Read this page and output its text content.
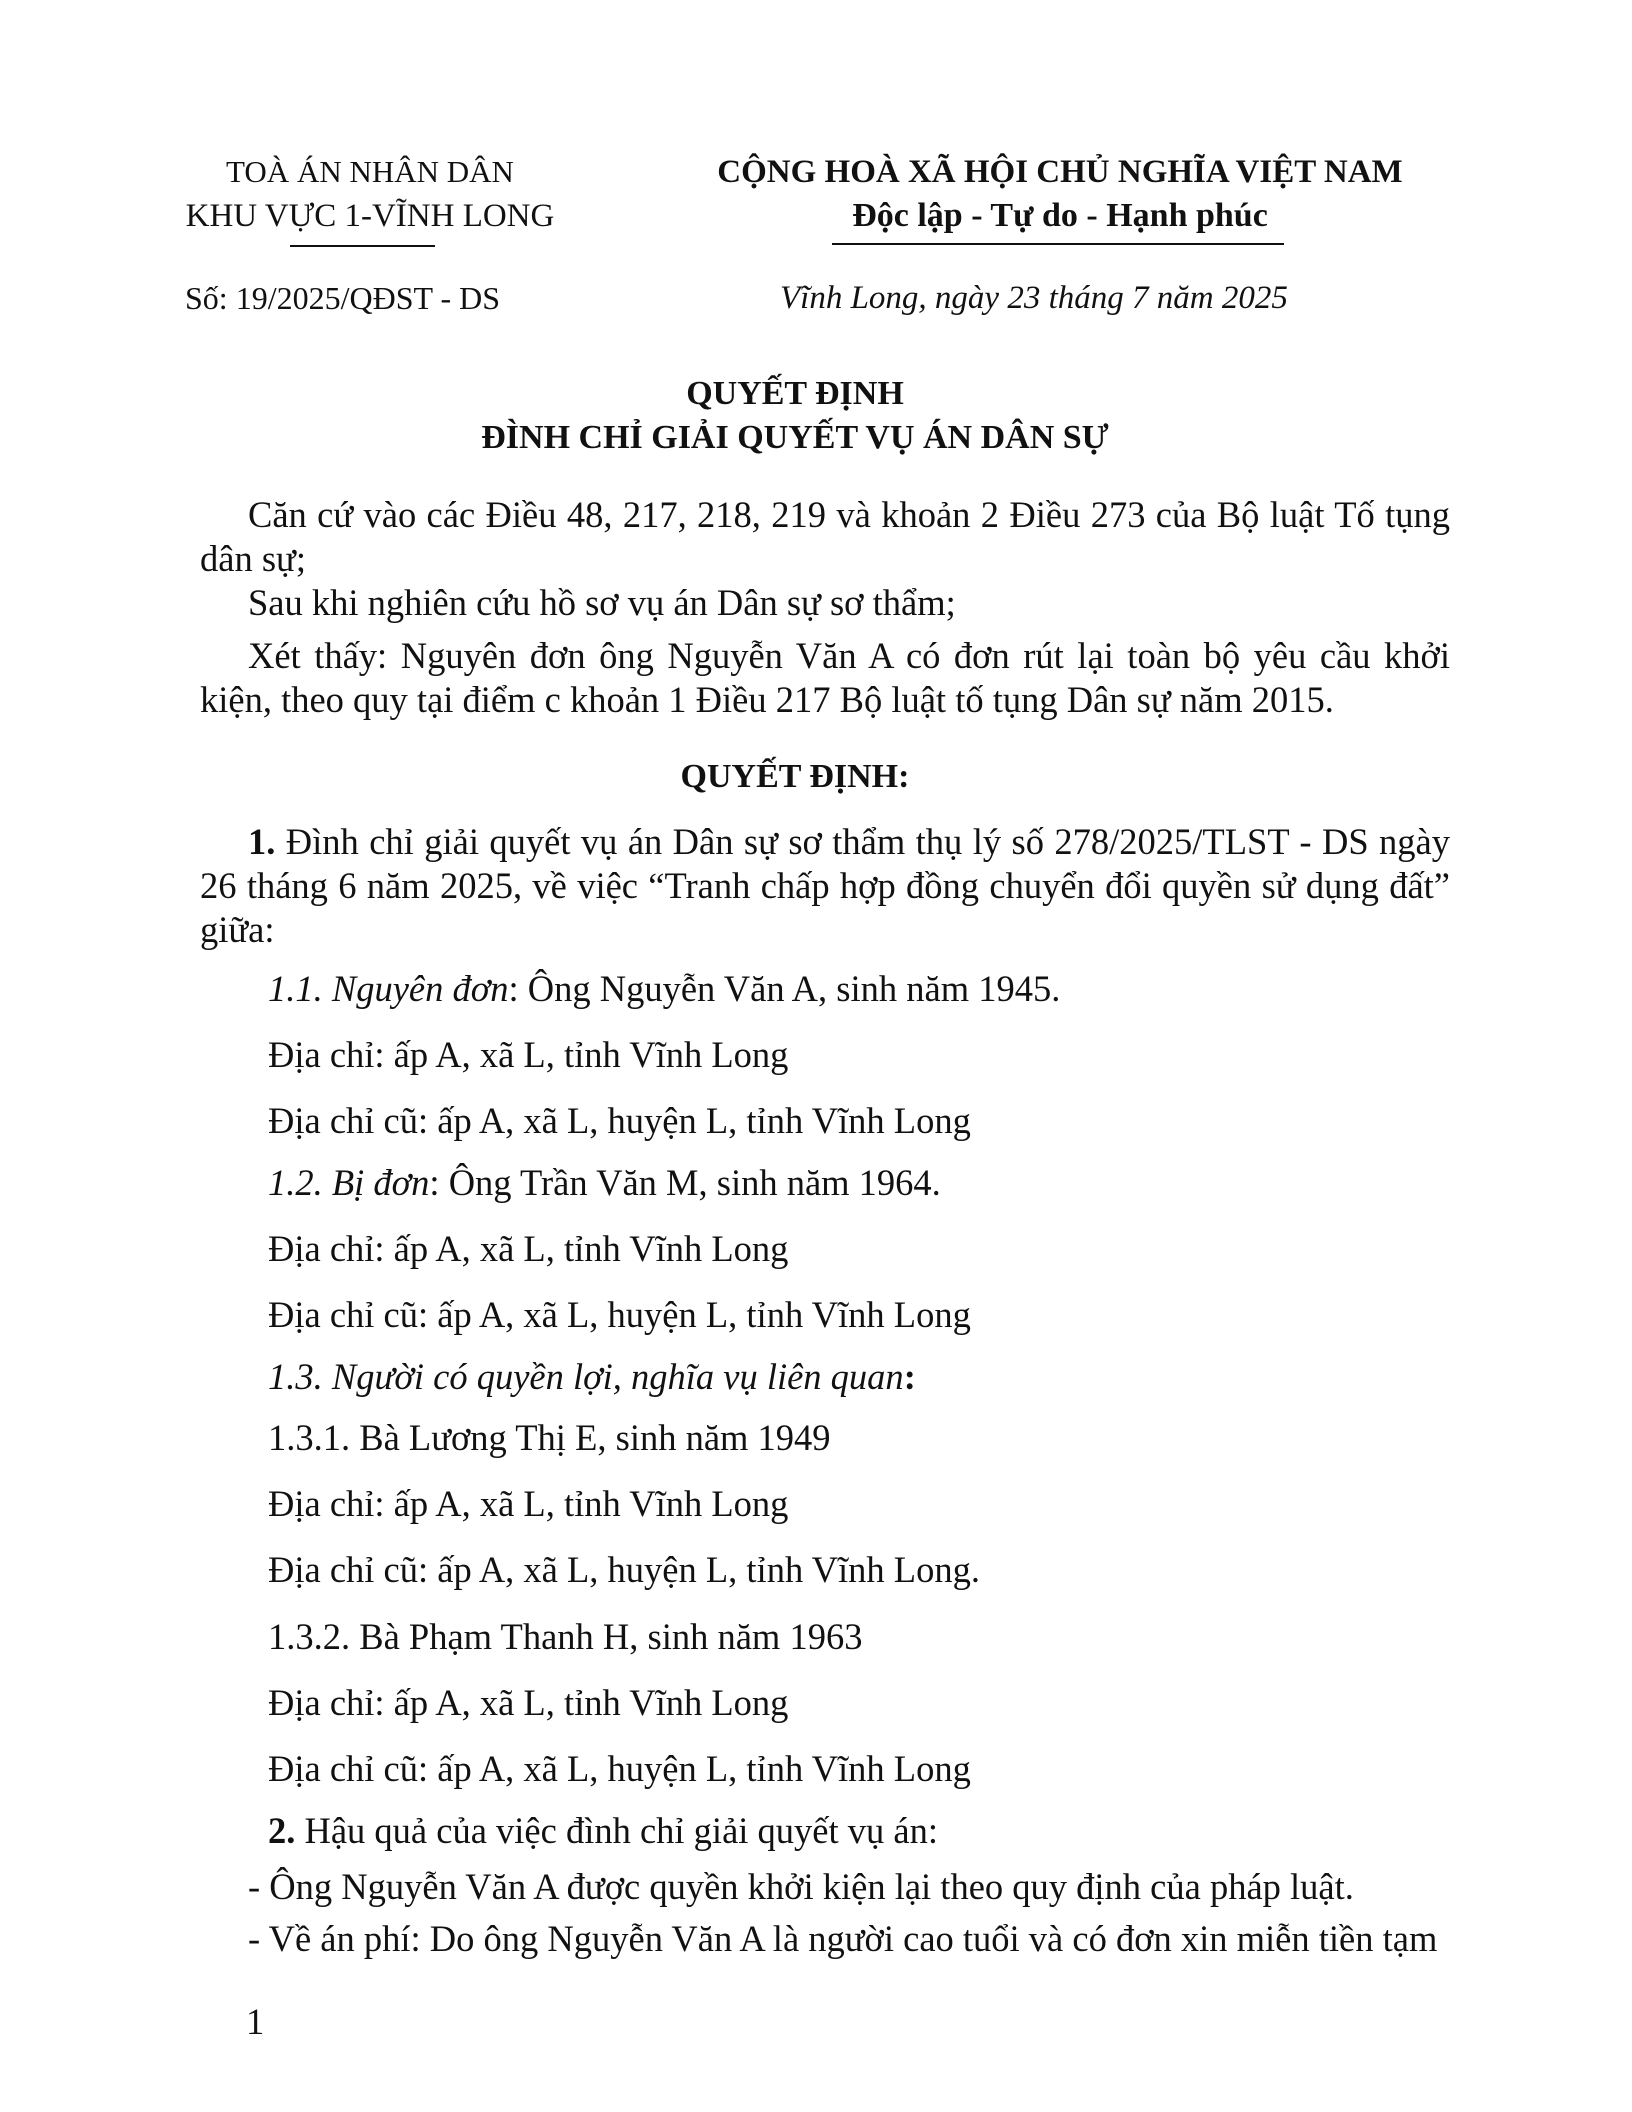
TOÀ ÁN NHÂN DÂN
KHU VỰC 1-VĨNH LONG
CỘNG HOÀ XÃ HỘI CHỦ NGHĨA VIỆT NAM
Độc lập - Tự do - Hạnh phúc
Số: 19/2025/QĐST - DS	Vĩnh Long, ngày 23 tháng 7 năm 2025
QUYẾT ĐỊNH
ĐÌNH CHỈ GIẢI QUYẾT VỤ ÁN DÂN SỰ
Căn cứ vào các Điều 48, 217, 218, 219 và khoản 2 Điều 273 của Bộ luật Tố tụng dân sự;
Sau khi nghiên cứu hồ sơ vụ án Dân sự sơ thẩm;
Xét thấy: Nguyên đơn ông Nguyễn Văn A có đơn rút lại toàn bộ yêu cầu khởi kiện, theo quy tại điểm c khoản 1 Điều 217 Bộ luật tố tụng Dân sự năm 2015.
QUYẾT ĐỊNH:
1. Đình chỉ giải quyết vụ án Dân sự sơ thẩm thụ lý số 278/2025/TLST - DS ngày 26 tháng 6 năm 2025, về việc “Tranh chấp hợp đồng chuyển đổi quyền sử dụng đất” giữa:
1.1. Nguyên đơn: Ông Nguyễn Văn A, sinh năm 1945.
Địa chỉ: ấp A, xã L, tỉnh Vĩnh Long
Địa chỉ cũ: ấp A, xã L, huyện L, tỉnh Vĩnh Long
1.2. Bị đơn: Ông Trần Văn M, sinh năm 1964.
Địa chỉ: ấp A, xã L, tỉnh Vĩnh Long
Địa chỉ cũ: ấp A, xã L, huyện L, tỉnh Vĩnh Long
1.3. Người có quyền lợi, nghĩa vụ liên quan:
1.3.1. Bà Lương Thị E, sinh năm 1949
Địa chỉ: ấp A, xã L, tỉnh Vĩnh Long
Địa chỉ cũ: ấp A, xã L, huyện L, tỉnh Vĩnh Long.
1.3.2. Bà Phạm Thanh H, sinh năm 1963
Địa chỉ: ấp A, xã L, tỉnh Vĩnh Long
Địa chỉ cũ: ấp A, xã L, huyện L, tỉnh Vĩnh Long
2. Hậu quả của việc đình chỉ giải quyết vụ án:
- Ông Nguyễn Văn A được quyền khởi kiện lại theo quy định của pháp luật.
- Về án phí: Do ông Nguyễn Văn A là người cao tuổi và có đơn xin miễn tiền tạm
1
